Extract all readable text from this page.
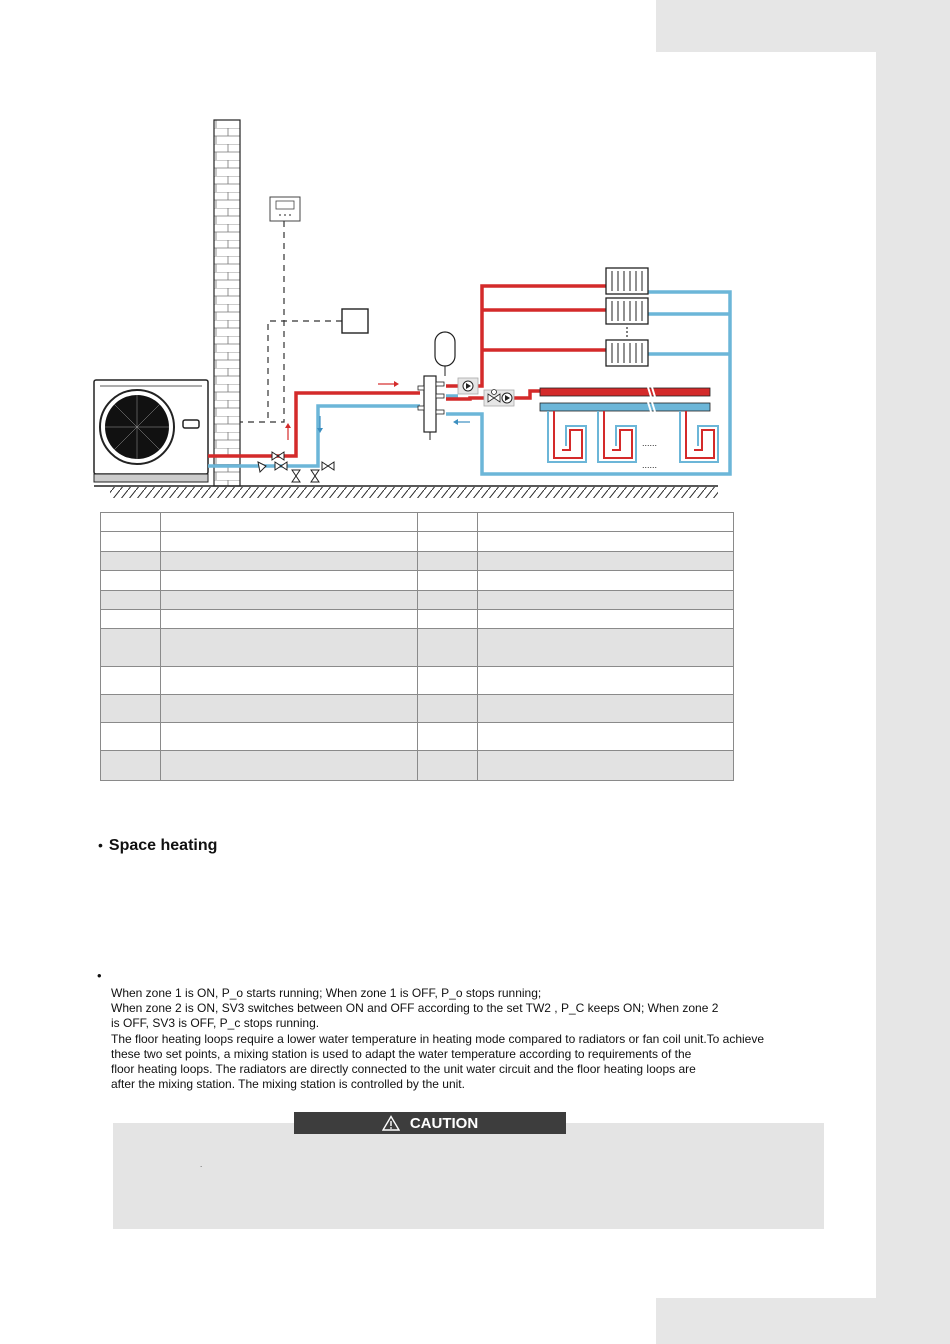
......
......

• Space heating
•
When zone 1 is ON, P_o starts running; When zone 1 is OFF, P_o stops running;
When zone 2 is ON, SV3 switches between ON and OFF according to the set TW2 , P_C keeps ON; When zone 2
is OFF, SV3 is OFF, P_c stops running.
The floor heating loops require a lower water temperature in heating mode compared to radiators or fan coil unit.To achieve
these two set points, a mixing station is used to adapt the water temperature according to requirements of the
floor heating loops. The radiators are directly connected to the unit water circuit and the floor heating loops are
after the mixing station. The mixing station is controlled by the unit.
CAUTION
.
